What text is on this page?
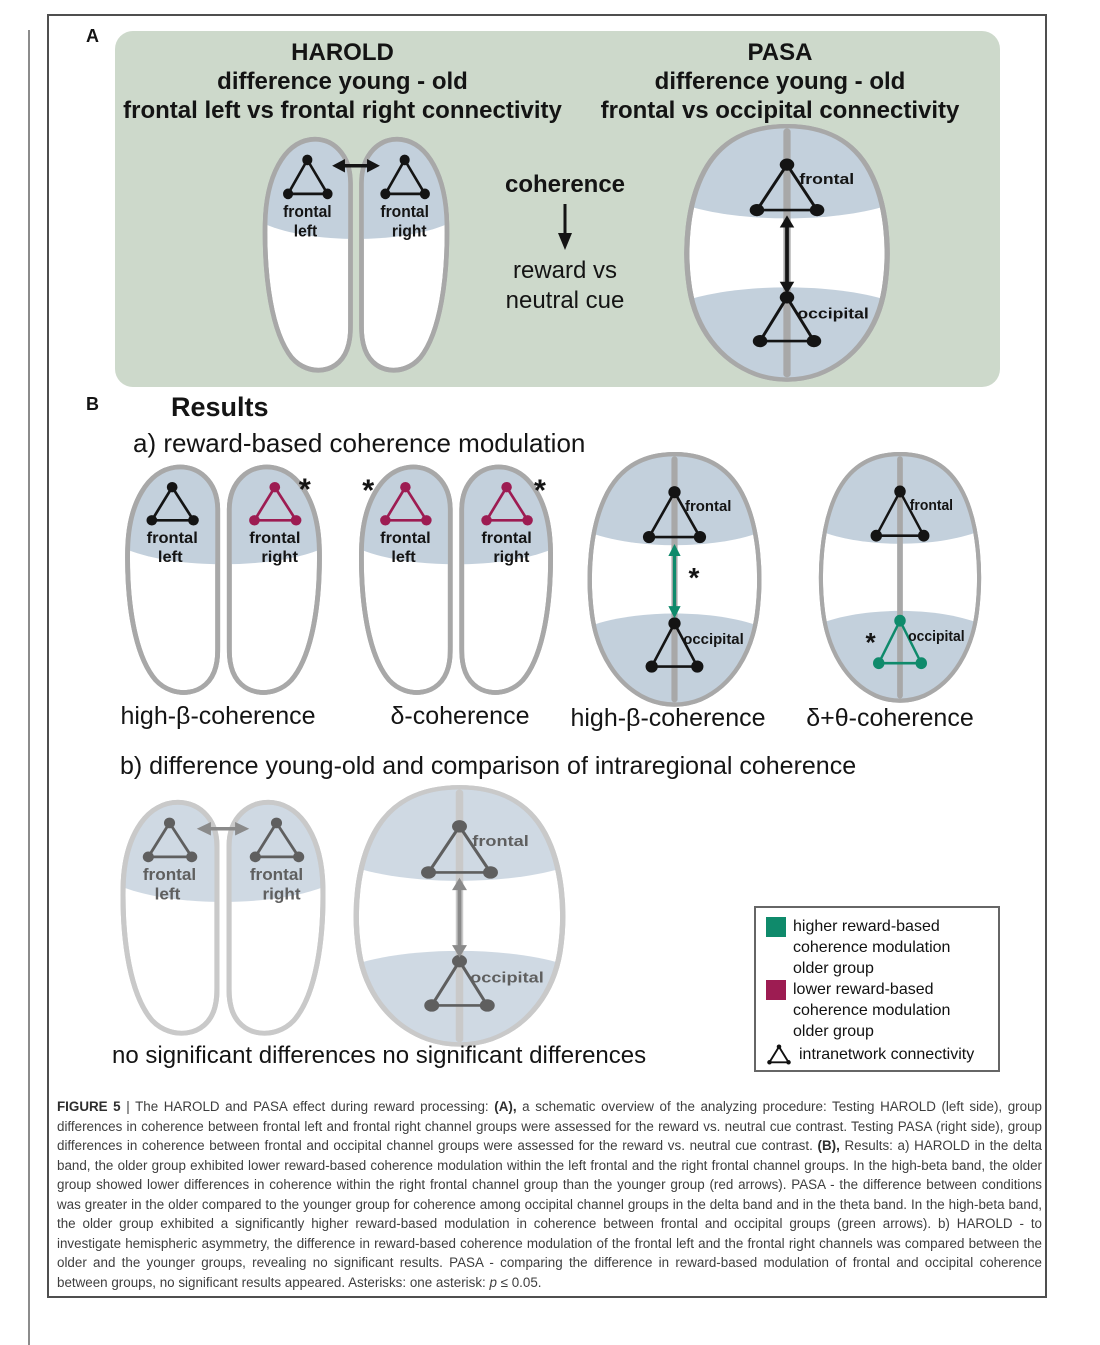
A
HAROLD
difference young - old
frontal left vs frontal right connectivity
PASA
difference young - old
frontal vs occipital connectivity
coherence
reward vs
neutral cue
frontal
left
frontal
right
frontal
occipital
B	Results
a) reward-based coherence modulation
*
frontal
left
frontal
right
*	*
frontal
left
frontal
right
*
frontal
occipital	*
frontal
occipital
high-β-coherence	δ-coherence	high-β-coherence	δ+θ-coherence
b) difference young-old and comparison of intraregional coherence
frontal
left
frontal
right
frontal
occipital
no significant differences no significant differences
higher reward-based
coherence modulation
older group
lower reward-based
coherence modulation
older group
intranetwork connectivity
FIGURE 5 | The HAROLD and PASA effect during reward processing: (A), a schematic overview of the analyzing procedure: Testing HAROLD (left side), group differences in coherence between frontal left and frontal right channel groups were assessed for the reward vs. neutral cue contrast. Testing PASA (right side), group differences in coherence between frontal and occipital channel groups were assessed for the reward vs. neutral cue contrast. (B), Results: a) HAROLD in the delta band, the older group exhibited lower reward-based coherence modulation within the left frontal and the right frontal channel groups. In the high-beta band, the older group showed lower differences in coherence within the right frontal channel group than the younger group (red arrows). PASA - the difference between conditions was greater in the older compared to the younger group for coherence among occipital channel groups in the delta band and in the theta band. In the high-beta band, the older group exhibited a significantly higher reward-based modulation in coherence between frontal and occipital groups (green arrows). b) HAROLD - to investigate hemispheric asymmetry, the difference in reward-based coherence modulation of the frontal left and the frontal right channels was compared between the older and the younger groups, revealing no significant results. PASA - comparing the difference in reward-based modulation of frontal and occipital coherence between groups, no significant results appeared. Asterisks: one asterisk: p ≤ 0.05.
